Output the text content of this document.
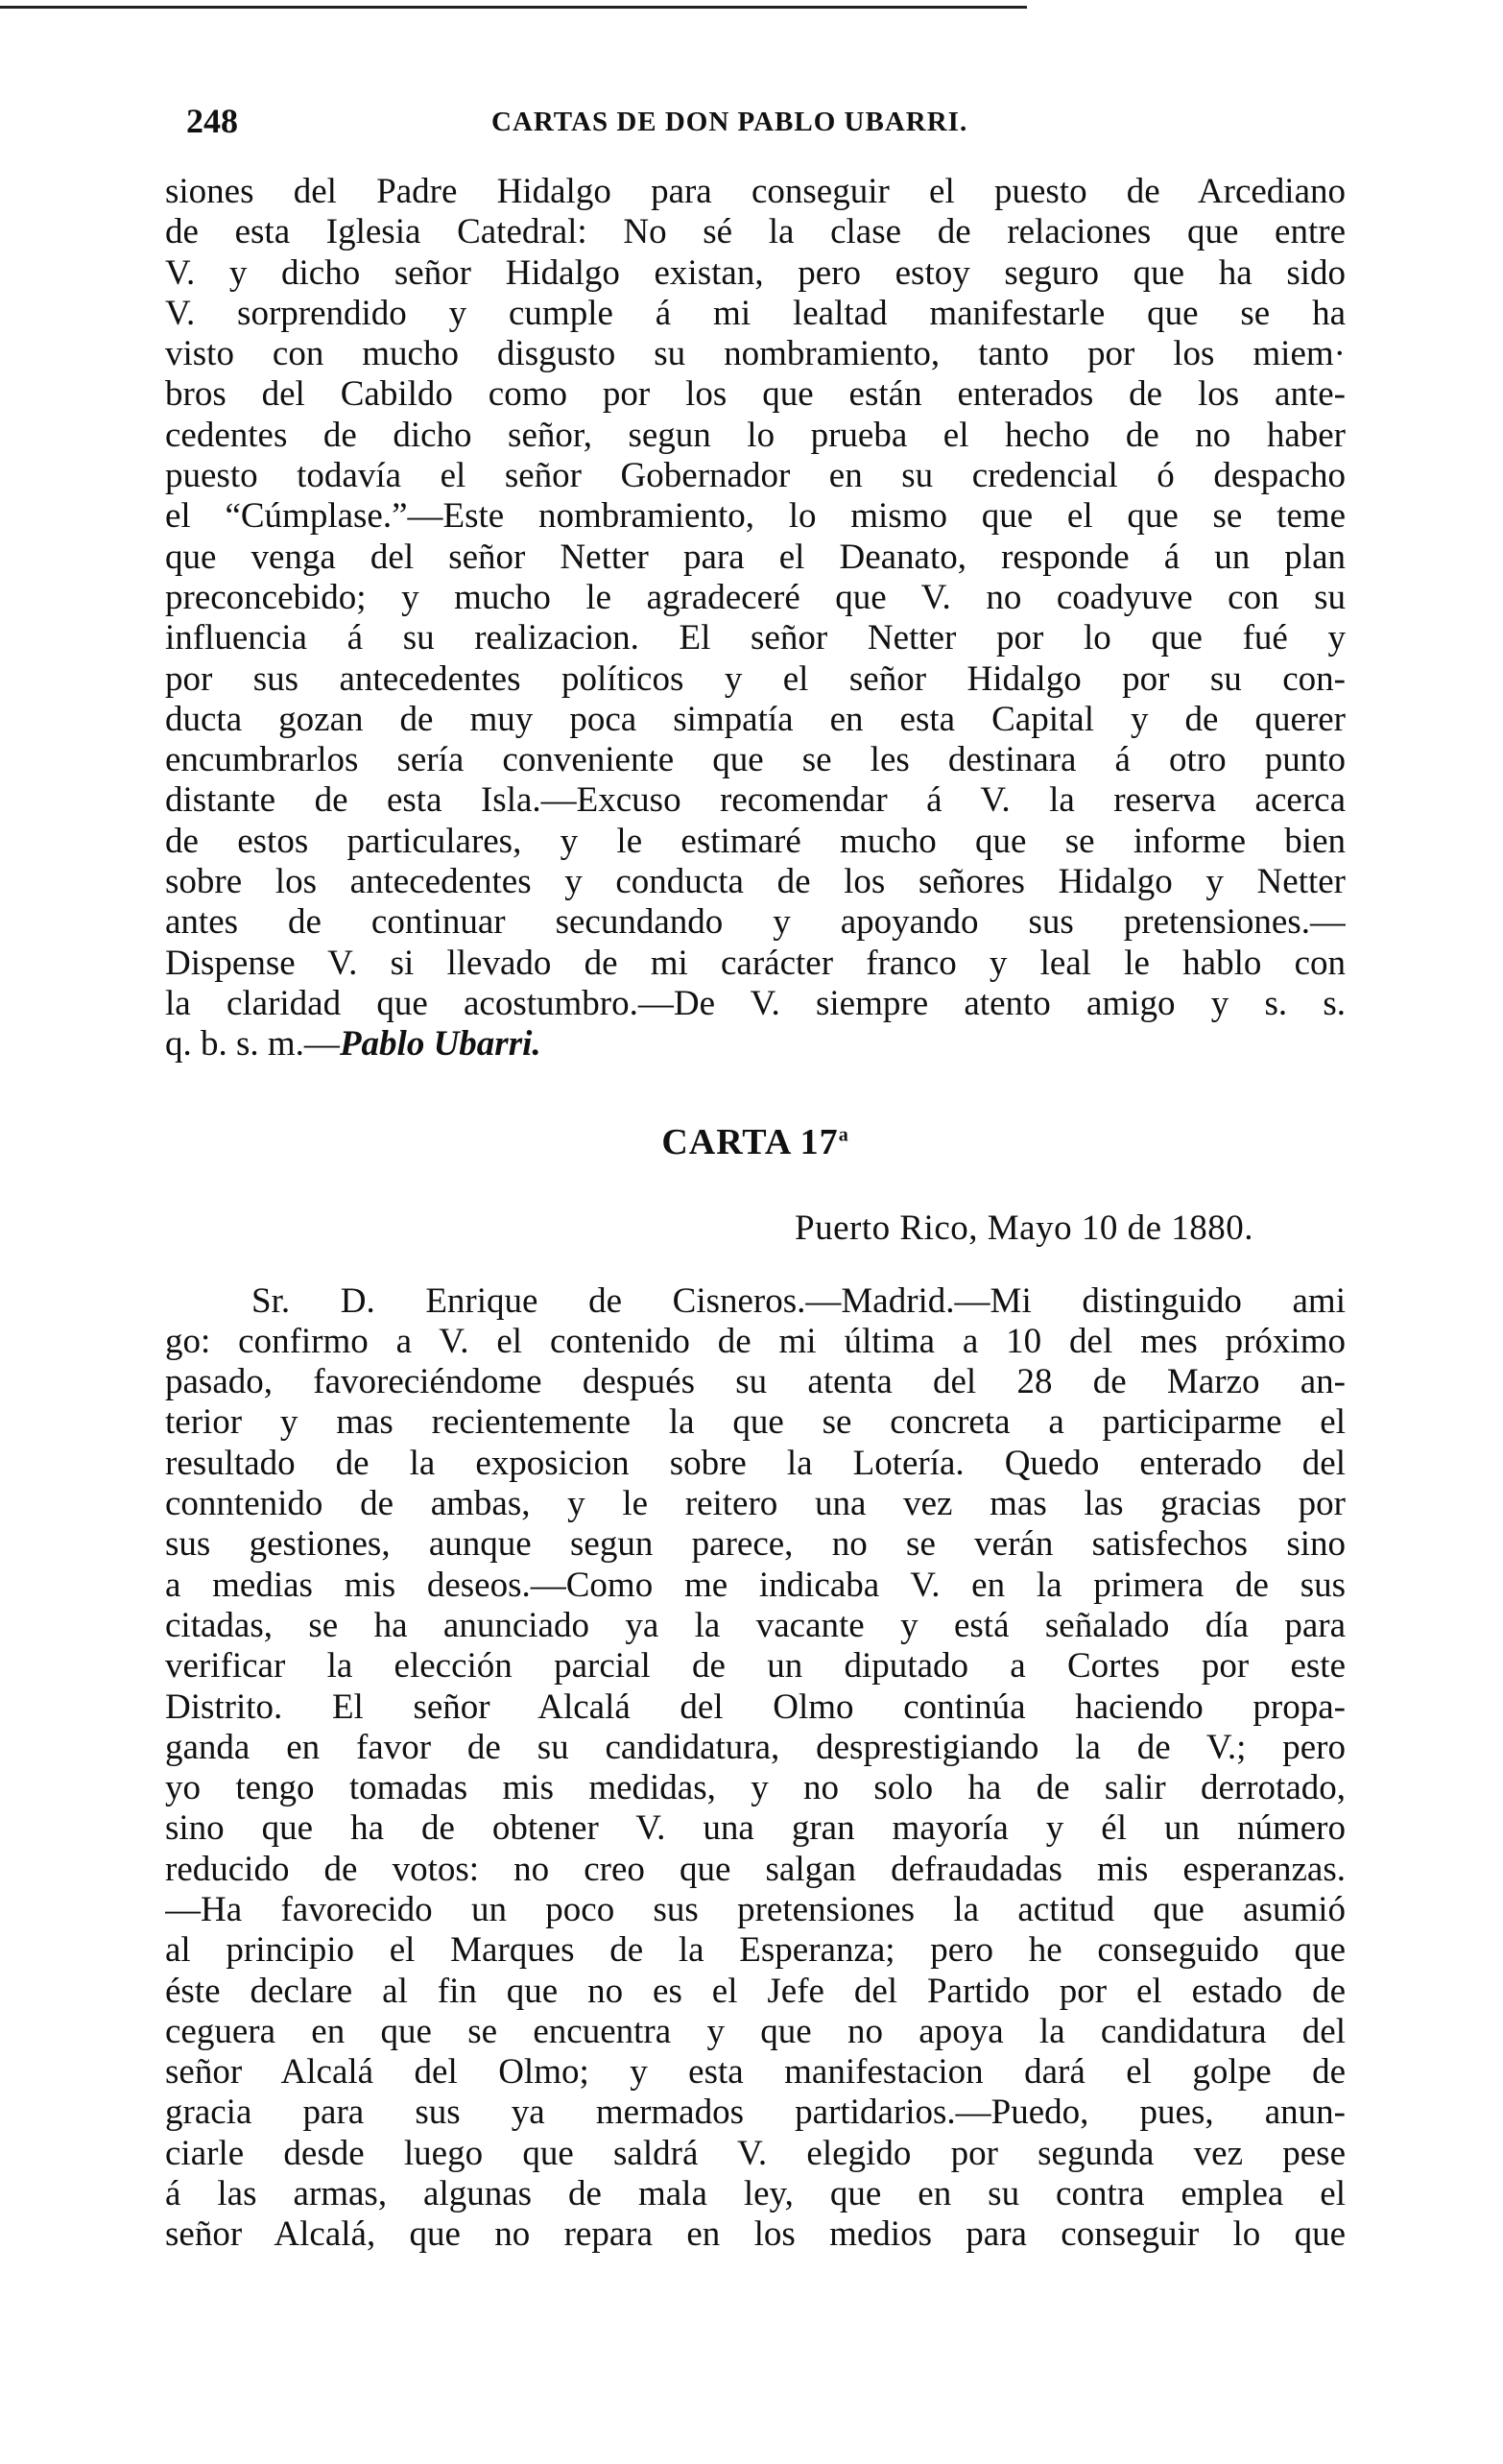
248	CARTAS DE DON PABLO UBARRI.
siones del Padre Hidalgo para conseguir el puesto de Arcediano
de esta Iglesia Catedral: No sé la clase de relaciones que entre
V. y dicho señor Hidalgo existan, pero estoy seguro que ha sido
V. sorprendido y cumple á mi lealtad manifestarle que se ha
visto con mucho disgusto su nombramiento, tanto por los miem·
bros del Cabildo como por los que están enterados de los ante-
cedentes de dicho señor, segun lo prueba el hecho de no haber
puesto todavía el señor Gobernador en su credencial ó despacho
el “Cúmplase.”—Este nombramiento, lo mismo que el que se teme
que venga del señor Netter para el Deanato, responde á un plan
preconcebido; y mucho le agradeceré que V. no coadyuve con su
influencia á su realizacion. El señor Netter por lo que fué y
por sus antecedentes políticos y el señor Hidalgo por su con-
ducta gozan de muy poca simpatía en esta Capital y de querer
encumbrarlos sería conveniente que se les destinara á otro punto
distante de esta Isla.—Excuso recomendar á V. la reserva acerca
de estos particulares, y le estimaré mucho que se informe bien
sobre los antecedentes y conducta de los señores Hidalgo y Netter
antes de continuar secundando y apoyando sus pretensiones.—
Dispense V. si llevado de mi carácter franco y leal le hablo con
la claridad que acostumbro.—De V. siempre atento amigo y s. s.
q. b. s. m.—Pablo Ubarri.
CARTA 17$^a$
Puerto Rico, Mayo 10 de 1880.
Sr. D. Enrique de Cisneros.—Madrid.—Mi distinguido ami
go: confirmo a V. el contenido de mi última a 10 del mes próximo
pasado, favoreciéndome después su atenta del 28 de Marzo an-
terior y mas recientemente la que se concreta a participarme el
resultado de la exposicion sobre la Lotería. Quedo enterado del
conntenido de ambas, y le reitero una vez mas las gracias por
sus gestiones, aunque segun parece, no se verán satisfechos sino
a medias mis deseos.—Como me indicaba V. en la primera de sus
citadas, se ha anunciado ya la vacante y está señalado día para
verificar la elección parcial de un diputado a Cortes por este
Distrito. El señor Alcalá del Olmo continúa haciendo propa-
ganda en favor de su candidatura, desprestigiando la de V.; pero
yo tengo tomadas mis medidas, y no solo ha de salir derrotado,
sino que ha de obtener V. una gran mayoría y él un número
reducido de votos: no creo que salgan defraudadas mis esperanzas.
—Ha favorecido un poco sus pretensiones la actitud que asumió
al principio el Marques de la Esperanza; pero he conseguido que
éste declare al fin que no es el Jefe del Partido por el estado de
ceguera en que se encuentra y que no apoya la candidatura del
señor Alcalá del Olmo; y esta manifestacion dará el golpe de
gracia para sus ya mermados partidarios.—Puedo, pues, anun-
ciarle desde luego que saldrá V. elegido por segunda vez pese
á las armas, algunas de mala ley, que en su contra emplea el
señor Alcalá, que no repara en los medios para conseguir lo que
